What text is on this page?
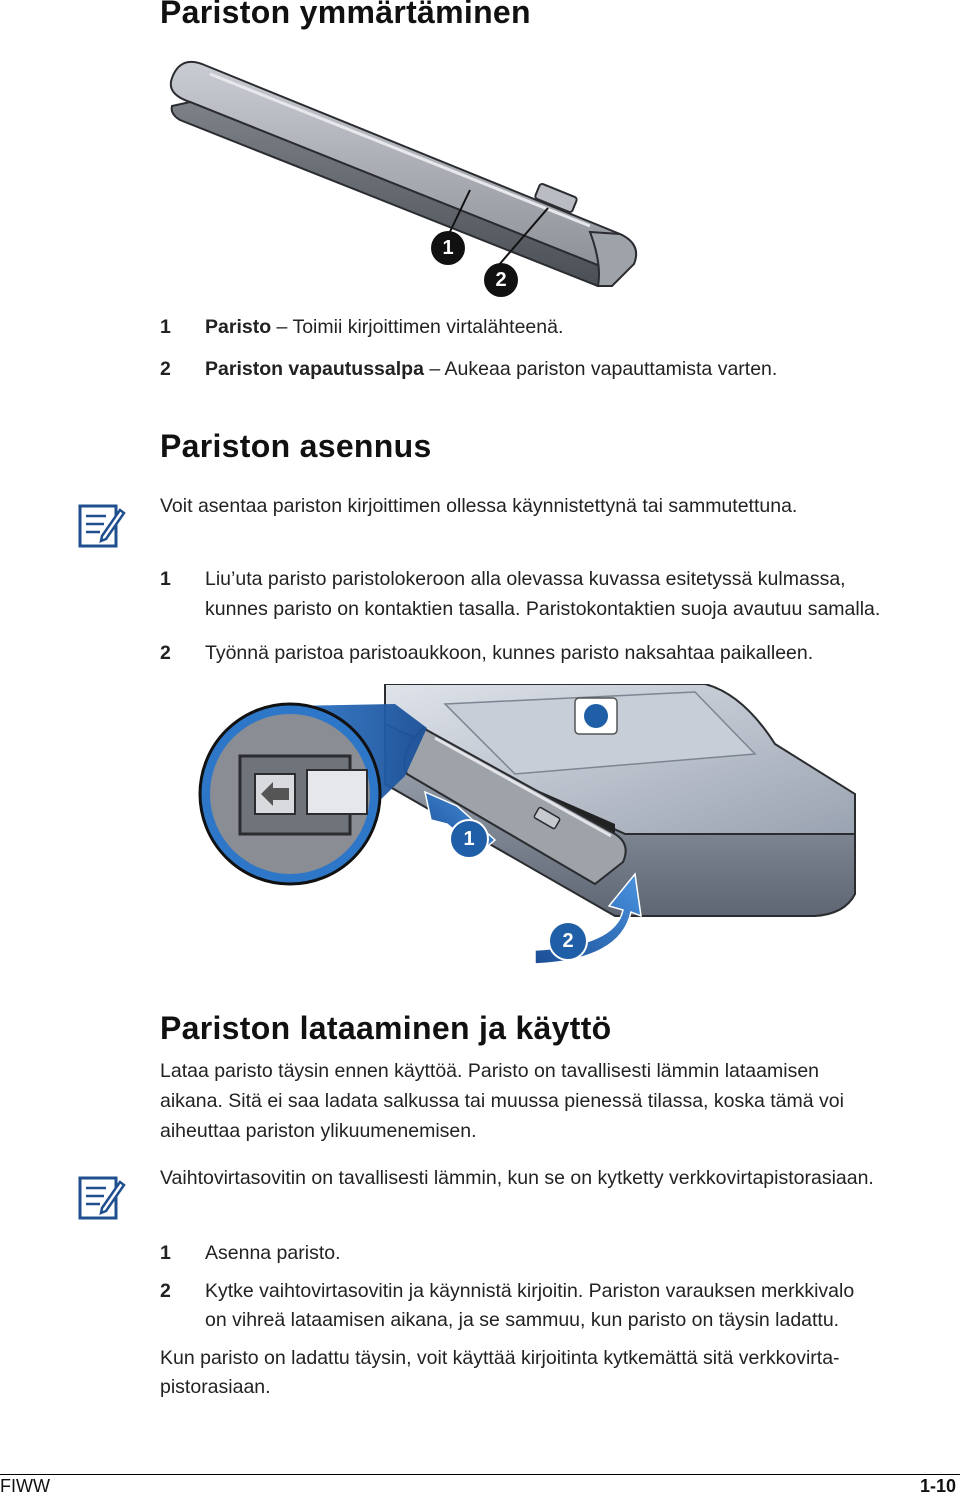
Pariston ymmärtäminen
1
2
1 Paristo – Toimii kirjoittimen virtalähteenä.
2 Pariston vapautussalpa – Aukeaa pariston vapauttamista varten.
Pariston asennus
Voit asentaa pariston kirjoittimen ollessa käynnistettynä tai sammutettuna.
1 Liu’uta paristo paristolokeroon alla olevassa kuvassa esitetyssä kulmassa,
kunnes paristo on kontaktien tasalla. Paristokontaktien suoja avautuu samalla.
2 Työnnä paristoa paristoaukkoon, kunnes paristo naksahtaa paikalleen.
1
2
Pariston lataaminen ja käyttö
Lataa paristo täysin ennen käyttöä. Paristo on tavallisesti lämmin lataamisen
aikana. Sitä ei saa ladata salkussa tai muussa pienessä tilassa, koska tämä voi
aiheuttaa pariston ylikuumenemisen.
Vaihtovirtasovitin on tavallisesti lämmin, kun se on kytketty verkkovirtapistorasiaan.
1 Asenna paristo.
2 Kytke vaihtovirtasovitin ja käynnistä kirjoitin. Pariston varauksen merkkivalo
on vihreä lataamisen aikana, ja se sammuu, kun paristo on täysin ladattu.
Kun paristo on ladattu täysin, voit käyttää kirjoitinta kytkemättä sitä verkkovirta-
pistorasiaan.
FIWW	1-10
